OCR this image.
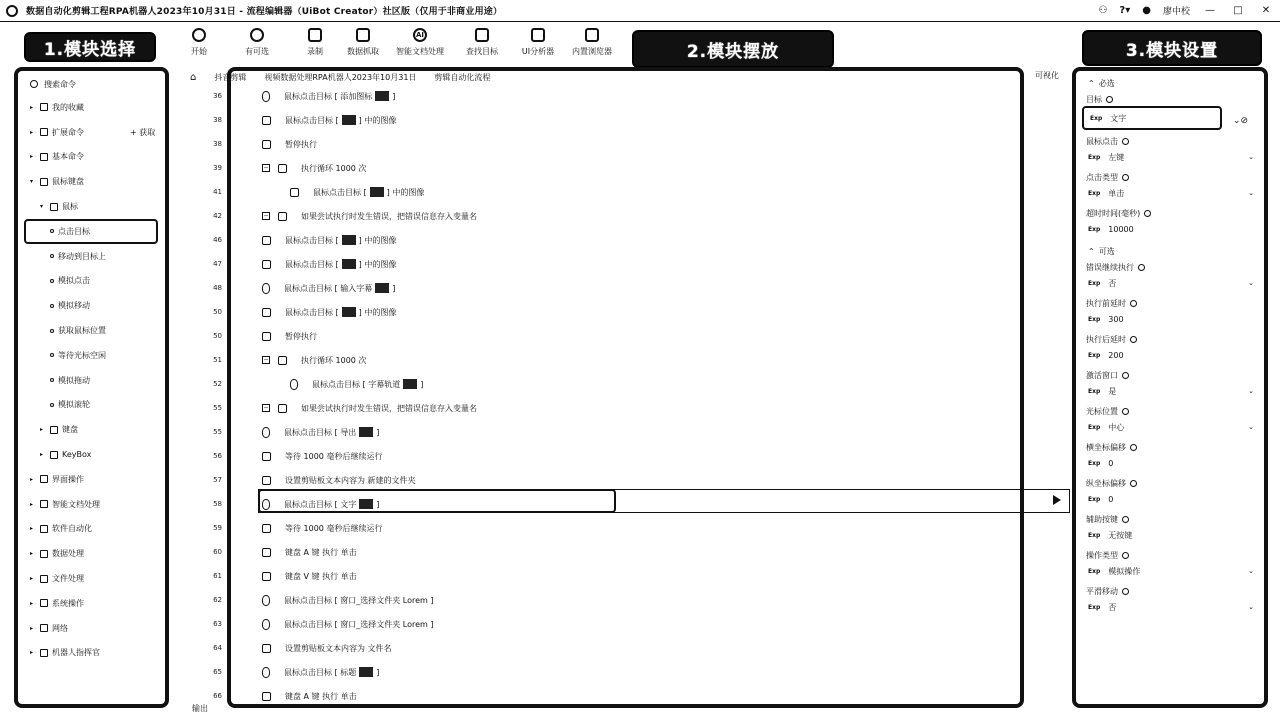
数据自动化剪辑工程RPA机器人2023年10月31日 - 流程编辑器（UiBot Creator）社区版（仅用于非商业用途）	⚇ ?▾ ● 廖中校	—	□	✕
开始	有可选	录制	数据抓取
AI
智能文档处理	查找目标	UI分析器 内置浏览器
1.模块选择	2.模块摆放	3.模块设置
搜索命令
▸	我的收藏
▸	扩展命令	+ 获取
▸	基本命令
▾	鼠标键盘
▾	鼠标
点击目标
移动到目标上
模拟点击
模拟移动
获取鼠标位置
等待光标空闲
模拟拖动
模拟滚轮
▸	键盘
▸	KeyBox
▸	界面操作
▸	智能文档处理
▸	软件自动化
▸	数据处理
▸	文件处理
▸	系统操作
▸	网络
▸	机器人指挥官
⌂ 抖音剪辑 视频数据处理RPA机器人2023年10月31日 剪辑自动化流程	可视化
36	鼠标点击目标 [ 添加图标	]
38	鼠标点击目标 [	] 中的图像
38	暂停执行
39	−	执行循环 1000 次
41	鼠标点击目标 [	] 中的图像
42	−	如果尝试执行时发生错误，把错误信息存入变量名
46	鼠标点击目标 [	] 中的图像
47	鼠标点击目标 [	] 中的图像
48	鼠标点击目标 [ 输入字幕	]
50	鼠标点击目标 [	] 中的图像
50	暂停执行
51	−	执行循环 1000 次
52	鼠标点击目标 [ 字幕轨道	]
55	−	如果尝试执行时发生错误，把错误信息存入变量名
55	鼠标点击目标 [ 导出	]
56	等待 1000 毫秒后继续运行
57	设置剪贴板文本内容为 新建的文件夹
58	鼠标点击目标 [ 文字	]
59	等待 1000 毫秒后继续运行
60	键盘 A 键 执行 单击
61	键盘 V 键 执行 单击
62	鼠标点击目标 [ 窗口_选择文件夹 Lorem ]
63	鼠标点击目标 [ 窗口_选择文件夹 Lorem ]
64	设置剪贴板文本内容为 文件名
65	鼠标点击目标 [ 标题	]
66	键盘 A 键 执行 单击
输出
⌃ 必选
目标
Exp 文字
鼠标点击
Exp 左键	⌄
点击类型
Exp 单击	⌄
超时时间(毫秒)
Exp 10000
⌃ 可选
错误继续执行
Exp 否	⌄
执行前延时
Exp 300
执行后延时
Exp 200
激活窗口
Exp 是	⌄
光标位置
Exp 中心	⌄
横坐标偏移
Exp 0
纵坐标偏移
Exp 0
辅助按键
Exp 无按键
操作类型
Exp 模拟操作	⌄
平滑移动
Exp 否	⌄
⌄⊘
